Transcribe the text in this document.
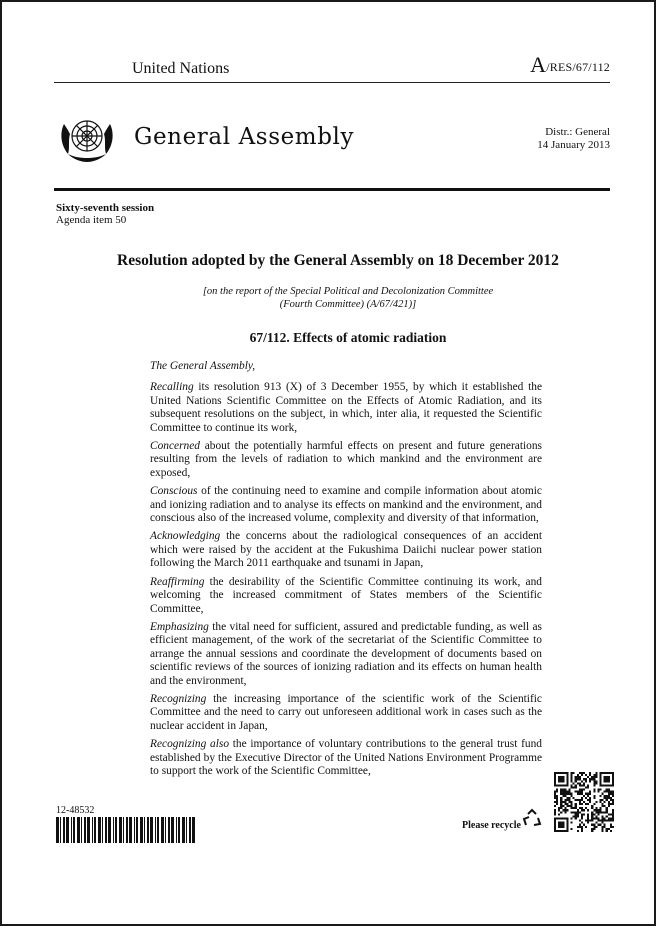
United Nations	A/RES/67/112
General Assembly	Distr.: General
14 January 2013
Sixty-seventh session
Agenda item 50
Resolution adopted by the General Assembly on 18 December 2012
[on the report of the Special Political and Decolonization Committee
(Fourth Committee) (A/67/421)]
67/112. Effects of atomic radiation

The General Assembly,

Recalling its resolution 913 (X) of 3 December 1955, by which it established the United Nations Scientific Committee on the Effects of Atomic Radiation, and its subsequent resolutions on the subject, in which, inter alia, it requested the Scientific Committee to continue its work,

Concerned about the potentially harmful effects on present and future generations resulting from the levels of radiation to which mankind and the environment are exposed,

Conscious of the continuing need to examine and compile information about atomic and ionizing radiation and to analyse its effects on mankind and the environment, and conscious also of the increased volume, complexity and diversity of that information,

Acknowledging the concerns about the radiological consequences of an accident which were raised by the accident at the Fukushima Daiichi nuclear power station following the March 2011 earthquake and tsunami in Japan,

Reaffirming the desirability of the Scientific Committee continuing its work, and welcoming the increased commitment of States members of the Scientific Committee,

Emphasizing the vital need for sufficient, assured and predictable funding, as well as efficient management, of the work of the secretariat of the Scientific Committee to arrange the annual sessions and coordinate the development of documents based on scientific reviews of the sources of ionizing radiation and its effects on human health and the environment,

Recognizing the increasing importance of the scientific work of the Scientific Committee and the need to carry out unforeseen additional work in cases such as the nuclear accident in Japan,

Recognizing also the importance of voluntary contributions to the general trust fund established by the Executive Director of the United Nations Environment Programme to support the work of the Scientific Committee,

12-48532
Please recycle
